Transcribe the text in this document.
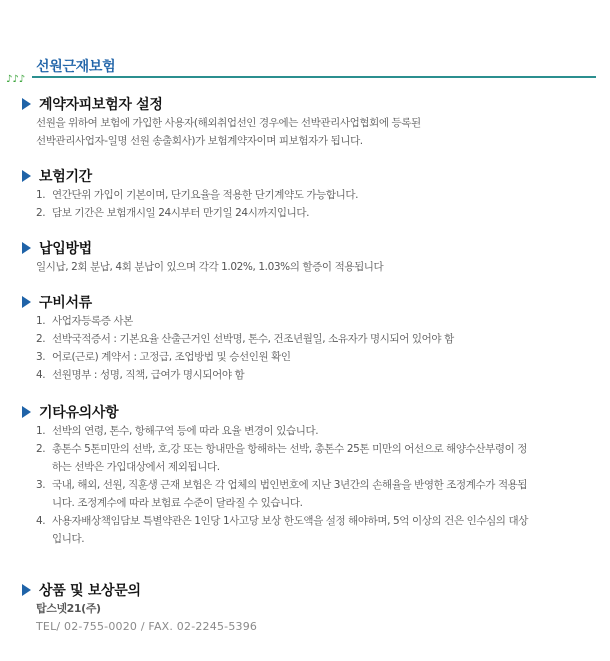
선원근재보험
♪♪♪
계약자피보험자 설정
선원을 위하여 보험에 가입한 사용자(해외취업선인 경우에는 선박관리사업협회에 등록된
선박관리사업자-일명 선원 송출회사)가 보험계약자이며 피보험자가 됩니다.
보험기간
1. 연간단위 가입이 기본이며, 단기요율을 적용한 단기계약도 가능합니다.
2. 담보 기간은 보험개시일 24시부터 만기일 24시까지입니다.
납입방법
일시납, 2회 분납, 4회 분납이 있으며 각각 1.02%, 1.03%의 할증이 적용됩니다
구비서류
1. 사업자등록증 사본
2. 선박국적증서 : 기본요율 산출근거인 선박명, 톤수, 건조년월일, 소유자가 명시되어 있어야 함
3. 어로(근로) 계약서 : 고정급, 조업방법 및 승선인원 확인
4. 선원명부 : 성명, 직책, 급여가 명시되어야 함
기타유의사항
1. 선박의 연령, 톤수, 항해구역 등에 따라 요율 변경이 있습니다.
2. 총톤수 5톤미만의 선박, 호,강 또는 항내만을 항해하는 선박, 총톤수 25톤 미만의 어선으로 해양수산부령이 정하는 선박은 가입대상에서 제외됩니다.
3. 국내, 해외, 선원, 직훈생 근재 보험은 각 업체의 법인번호에 지난 3년간의 손해율을 반영한 조정계수가 적용됩니다. 조정계수에 따라 보험료 수준이 달라질 수 있습니다.
4. 사용자배상책임담보 특별약관은 1인당 1사고당 보상 한도액을 설정 해야하며, 5억 이상의 건은 인수심의 대상입니다.
상품 및 보상문의
탑스넷21(주)
TEL/ 02-755-0020 / FAX. 02-2245-5396
